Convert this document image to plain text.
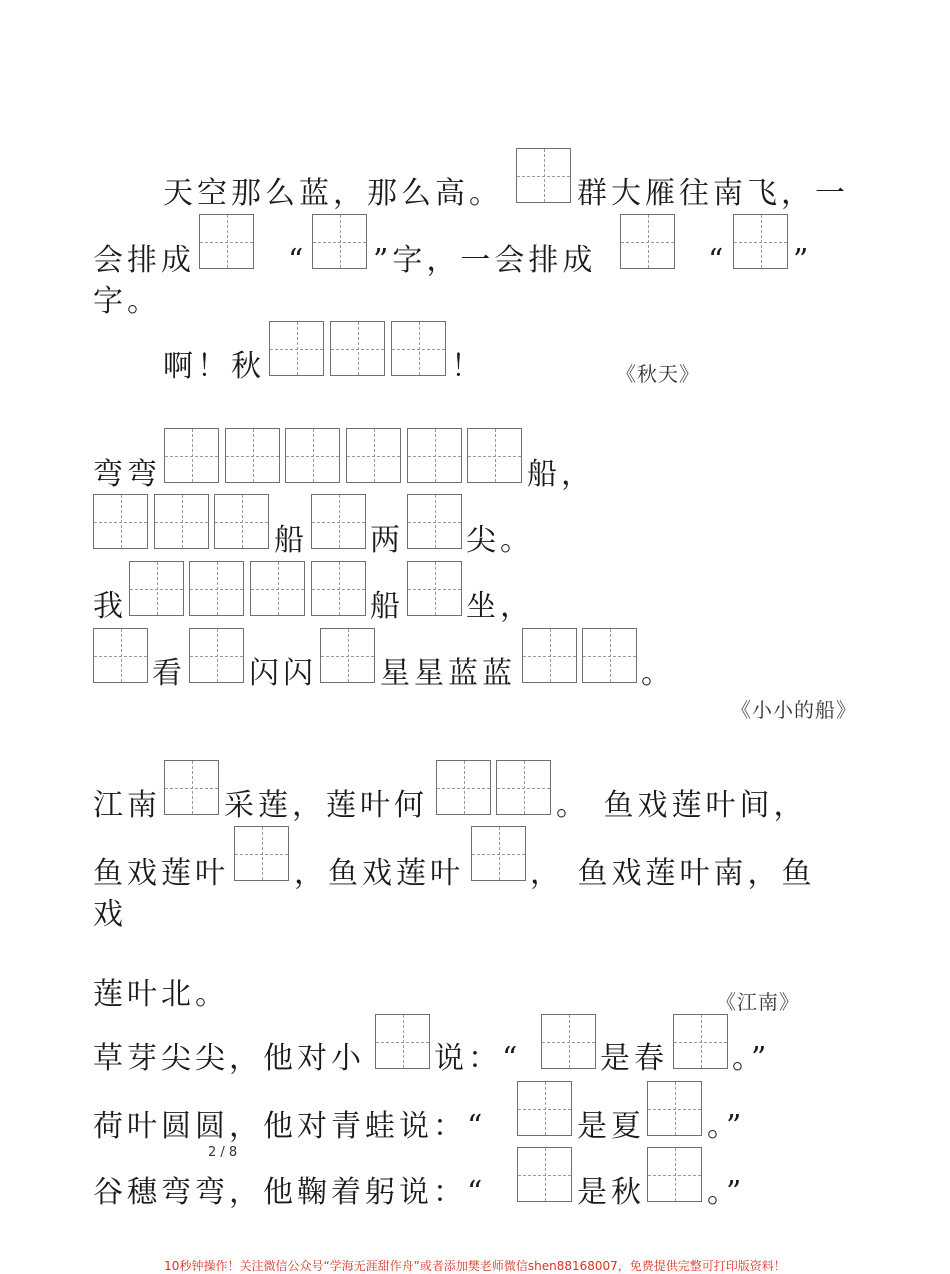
天空那么蓝，那么高。 群大雁往南飞，一
会排成	“ ”字，一会排成	“ ”
字。
啊！秋	！	《秋天》
弯弯	船，
船 两 尖。
我	船 坐，
看 闪闪 星星蓝蓝	。
《小小的船》
江南 采莲，莲叶何	。 鱼戏莲叶间，
鱼戏莲叶 ，鱼戏莲叶 ， 鱼戏莲叶南，鱼
戏
莲叶北。	《江南》
草芽尖尖，他对小 说：“	是春 。”
荷叶圆圆，他对青蛙说：“	是夏 。”
2 / 8
谷穗弯弯，他鞠着躬说：“	是秋 。”
10秒钟操作！关注微信公众号“学海无涯甜作舟”或者添加樊老师微信shen88168007，免费提供完整可打印版资料！
